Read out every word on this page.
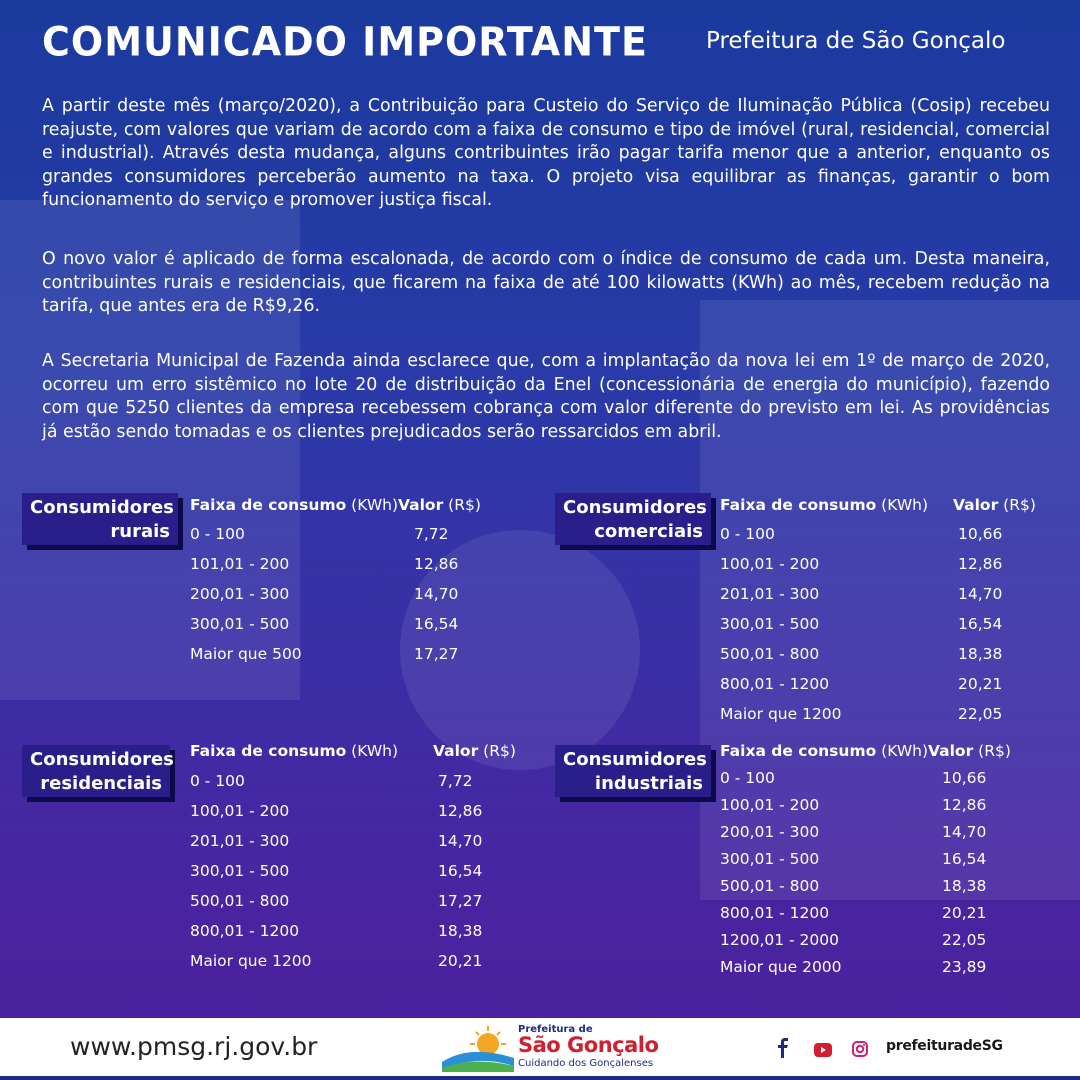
COMUNICADO IMPORTANTE	Prefeitura de São Gonçalo

A partir deste mês (março/2020), a Contribuição para Custeio do Serviço de Iluminação Pública (Cosip) recebeu reajuste, com valores que variam de acordo com a faixa de consumo e tipo de imóvel (rural, residencial, comercial e industrial). Através desta mudança, alguns contribuintes irão pagar tarifa menor que a anterior, enquanto os grandes consumidores perceberão aumento na taxa. O projeto visa equilibrar as finanças, garantir o bom funcionamento do serviço e promover justiça fiscal.

O novo valor é aplicado de forma escalonada, de acordo com o índice de consumo de cada um. Desta maneira, contribuintes rurais e residenciais, que ficarem na faixa de até 100 kilowatts (KWh) ao mês, recebem redução na tarifa, que antes era de R$9,26.

A Secretaria Municipal de Fazenda ainda esclarece que, com a implantação da nova lei em 1º de março de 2020, ocorreu um erro sistêmico no lote 20 de distribuição da Enel (concessionária de energia do município), fazendo com que 5250 clientes da empresa recebessem cobrança com valor diferente do previsto em lei. As providências já estão sendo tomadas e os clientes prejudicados serão ressarcidos em abril.

Consumidores
rurais
Faixa de consumo (KWh) Valor (R$)
0 - 100	7,72
101,01 - 200	12,86
200,01 - 300	14,70
300,01 - 500	16,54
Maior que 500	17,27
Consumidores
comerciais
Faixa de consumo (KWh) Valor (R$)
0 - 100	10,66
100,01 - 200	12,86
201,01 - 300	14,70
300,01 - 500	16,54
500,01 - 800	18,38
800,01 - 1200	20,21
Maior que 1200	22,05
Consumidores
residenciais
Faixa de consumo (KWh) Valor (R$)
0 - 100	7,72
100,01 - 200	12,86
201,01 - 300	14,70
300,01 - 500	16,54
500,01 - 800	17,27
800,01 - 1200	18,38
Maior que 1200	20,21
Consumidores
industriais
Faixa de consumo (KWh) Valor (R$)
0 - 100	10,66
100,01 - 200	12,86
200,01 - 300	14,70
300,01 - 500	16,54
500,01 - 800	18,38
800,01 - 1200	20,21
1200,01 - 2000	22,05
Maior que 2000	23,89
www.pmsg.rj.gov.br
Prefeitura de
São Gonçalo
Cuidando dos Gonçalenses
prefeituradeSG
